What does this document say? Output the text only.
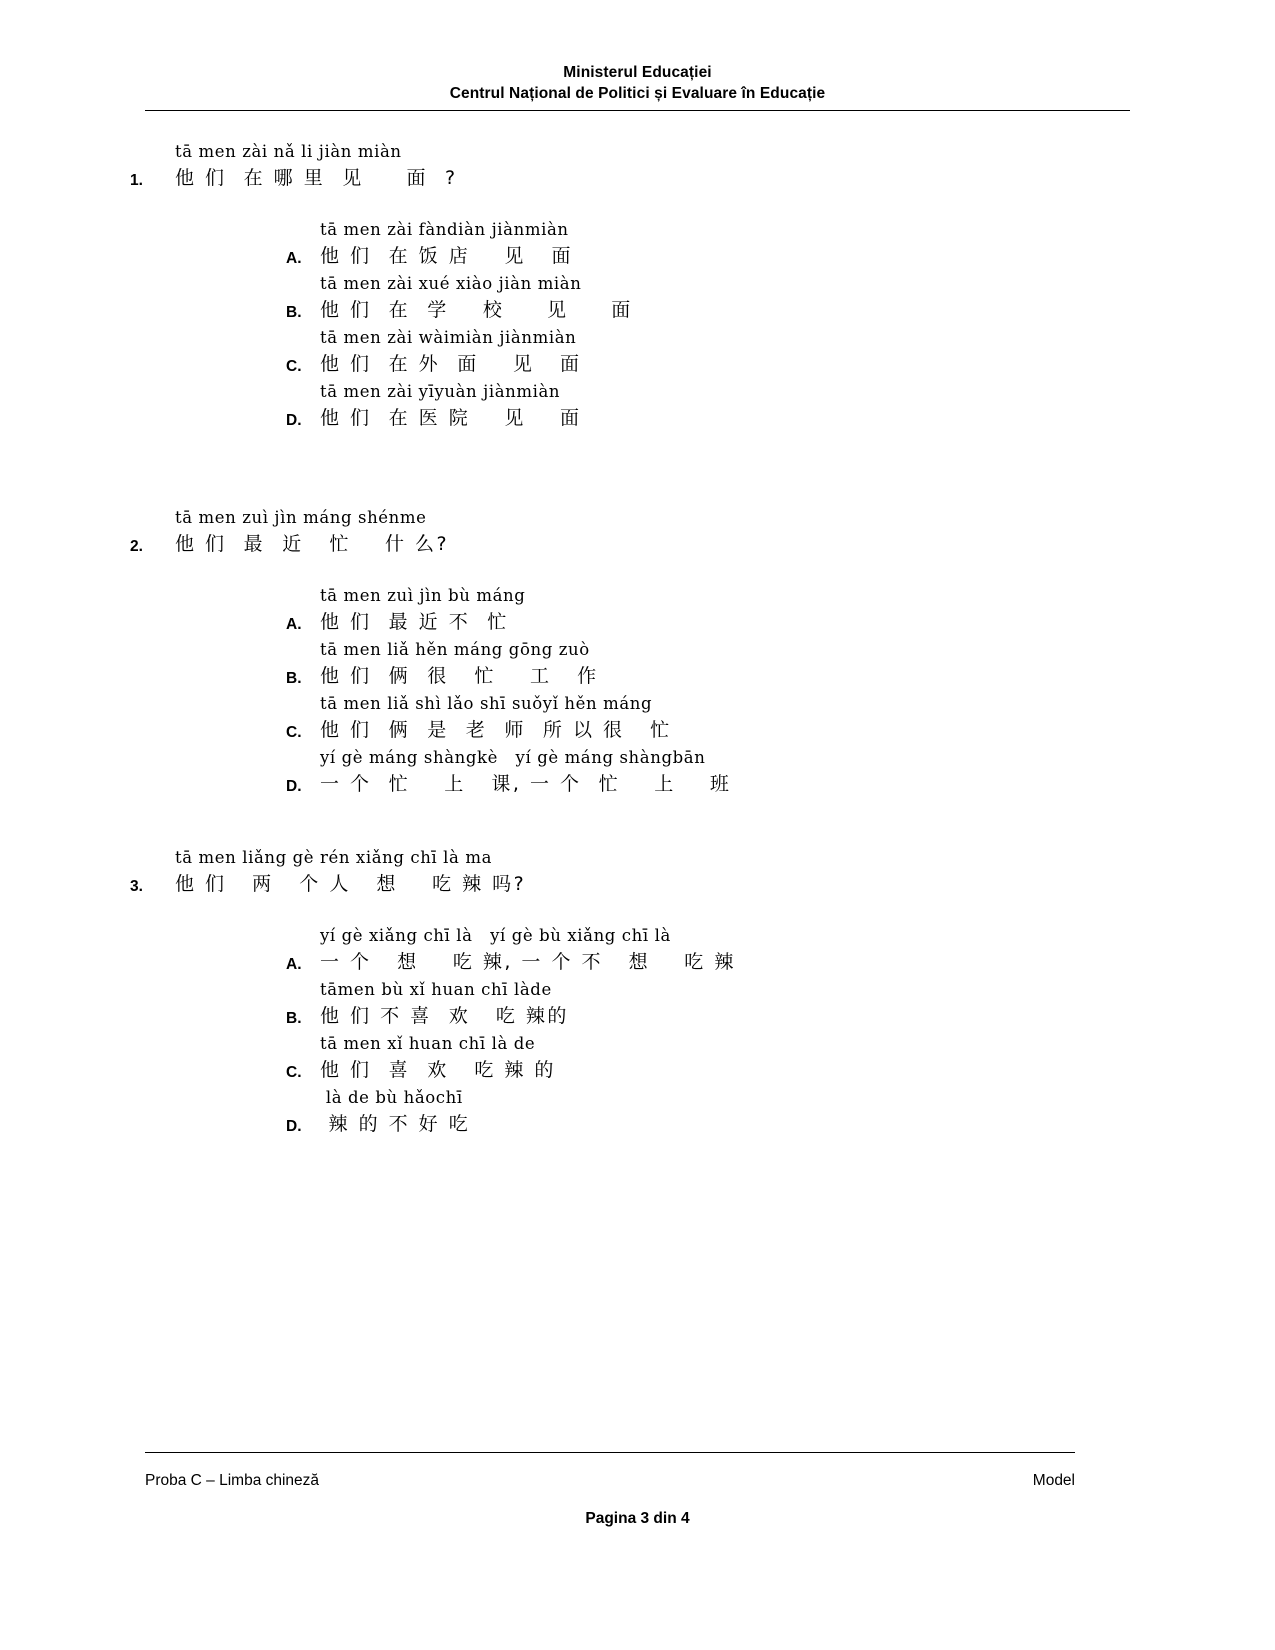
Ministerul Educației
Centrul Național de Politici și Evaluare în Educație
tā men zài nǎ li jiàn miàn
他 们  在 哪 里  见     面  ?
1.
tā men zài fàndiàn jiànmiàn
他 们  在 饭 店    见   面
A.
tā men zài xué xiào jiàn miàn
他 们  在  学    校     见     面
B.
tā men zài wàimiàn jiànmiàn
他 们  在 外  面    见   面
C.
tā men zài yīyuàn jiànmiàn
他 们  在 医 院    见    面
D.
tā men zuì jìn máng shénme
他 们  最  近   忙    什 么?
2.
tā men zuì jìn bù máng
他 们  最 近 不  忙
A.
tā men liǎ hěn máng gōng zuò
他 们  俩  很   忙    工   作
B.
tā men liǎ shì lǎo shī suǒyǐ hěn máng
他 们  俩  是  老  师  所 以 很   忙
C.
yí gè máng shàngkè   yí gè máng shàngbān
一 个  忙    上   课, 一 个  忙    上    班
D.
tā men liǎng gè rén xiǎng chī là ma
他 们   两   个 人   想    吃 辣 吗?
3.
yí gè xiǎng chī là   yí gè bù xiǎng chī là
一 个   想    吃 辣, 一 个 不   想    吃 辣
A.
tāmen bù xǐ huan chī làde
他 们 不 喜  欢   吃 辣的
B.
tā men xǐ huan chī là de
他 们  喜  欢   吃 辣 的
C.
là de bù hǎochī
辣 的 不 好 吃
D.
Proba C – Limba chineză	Model
Pagina 3 din 4
